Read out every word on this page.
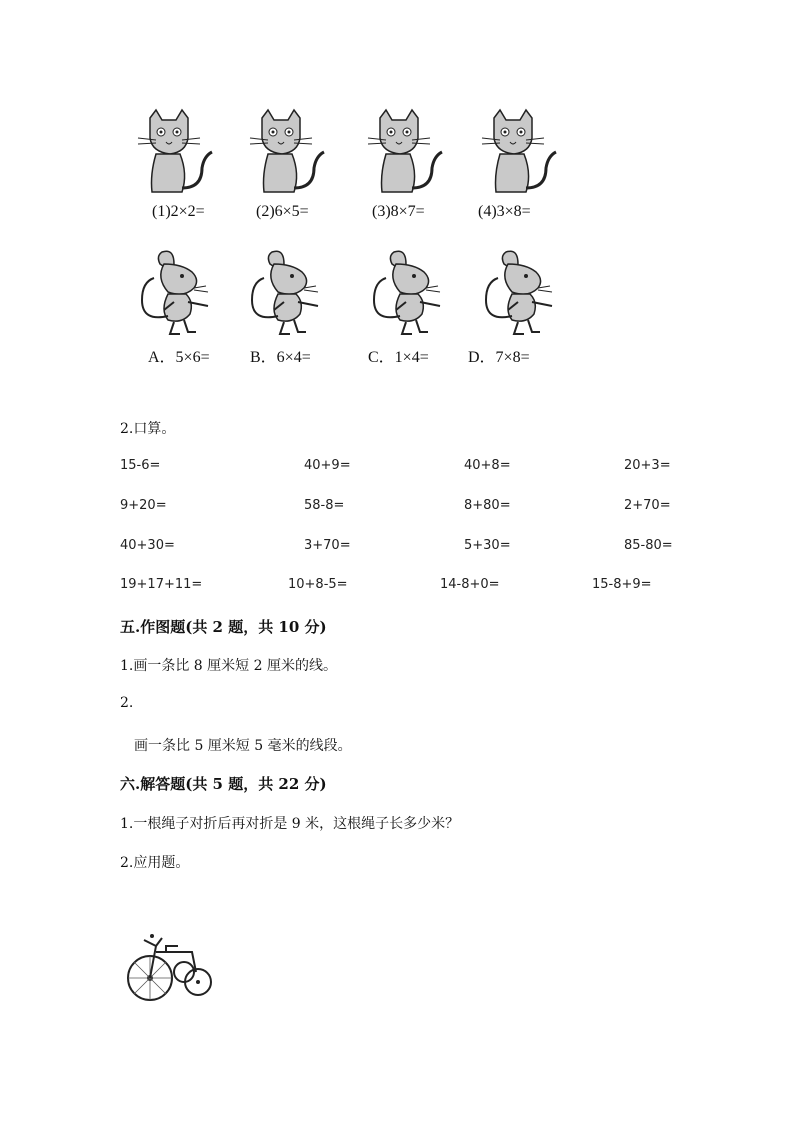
(1)2×2=	(2)6×5=	(3)8×7=	(4)3×8=
A．5×6=	B．6×4=	C．1×4= D．7×8=
2.口算。
15-6=	40+9=	40+8=	20+3=
9+20=	58-8=	8+80=	2+70=
40+30=	3+70=	5+30=	85-80=
19+17+11=	10+8-5=	14-8+0=	15-8+9=
五.作图题(共 2 题，共 10 分)
1.画一条比 8 厘米短 2 厘米的线。
2.
画一条比 5 厘米短 5 毫米的线段。
六.解答题(共 5 题，共 22 分)
1.一根绳子对折后再对折是 9 米，这根绳子长多少米？
2.应用题。
